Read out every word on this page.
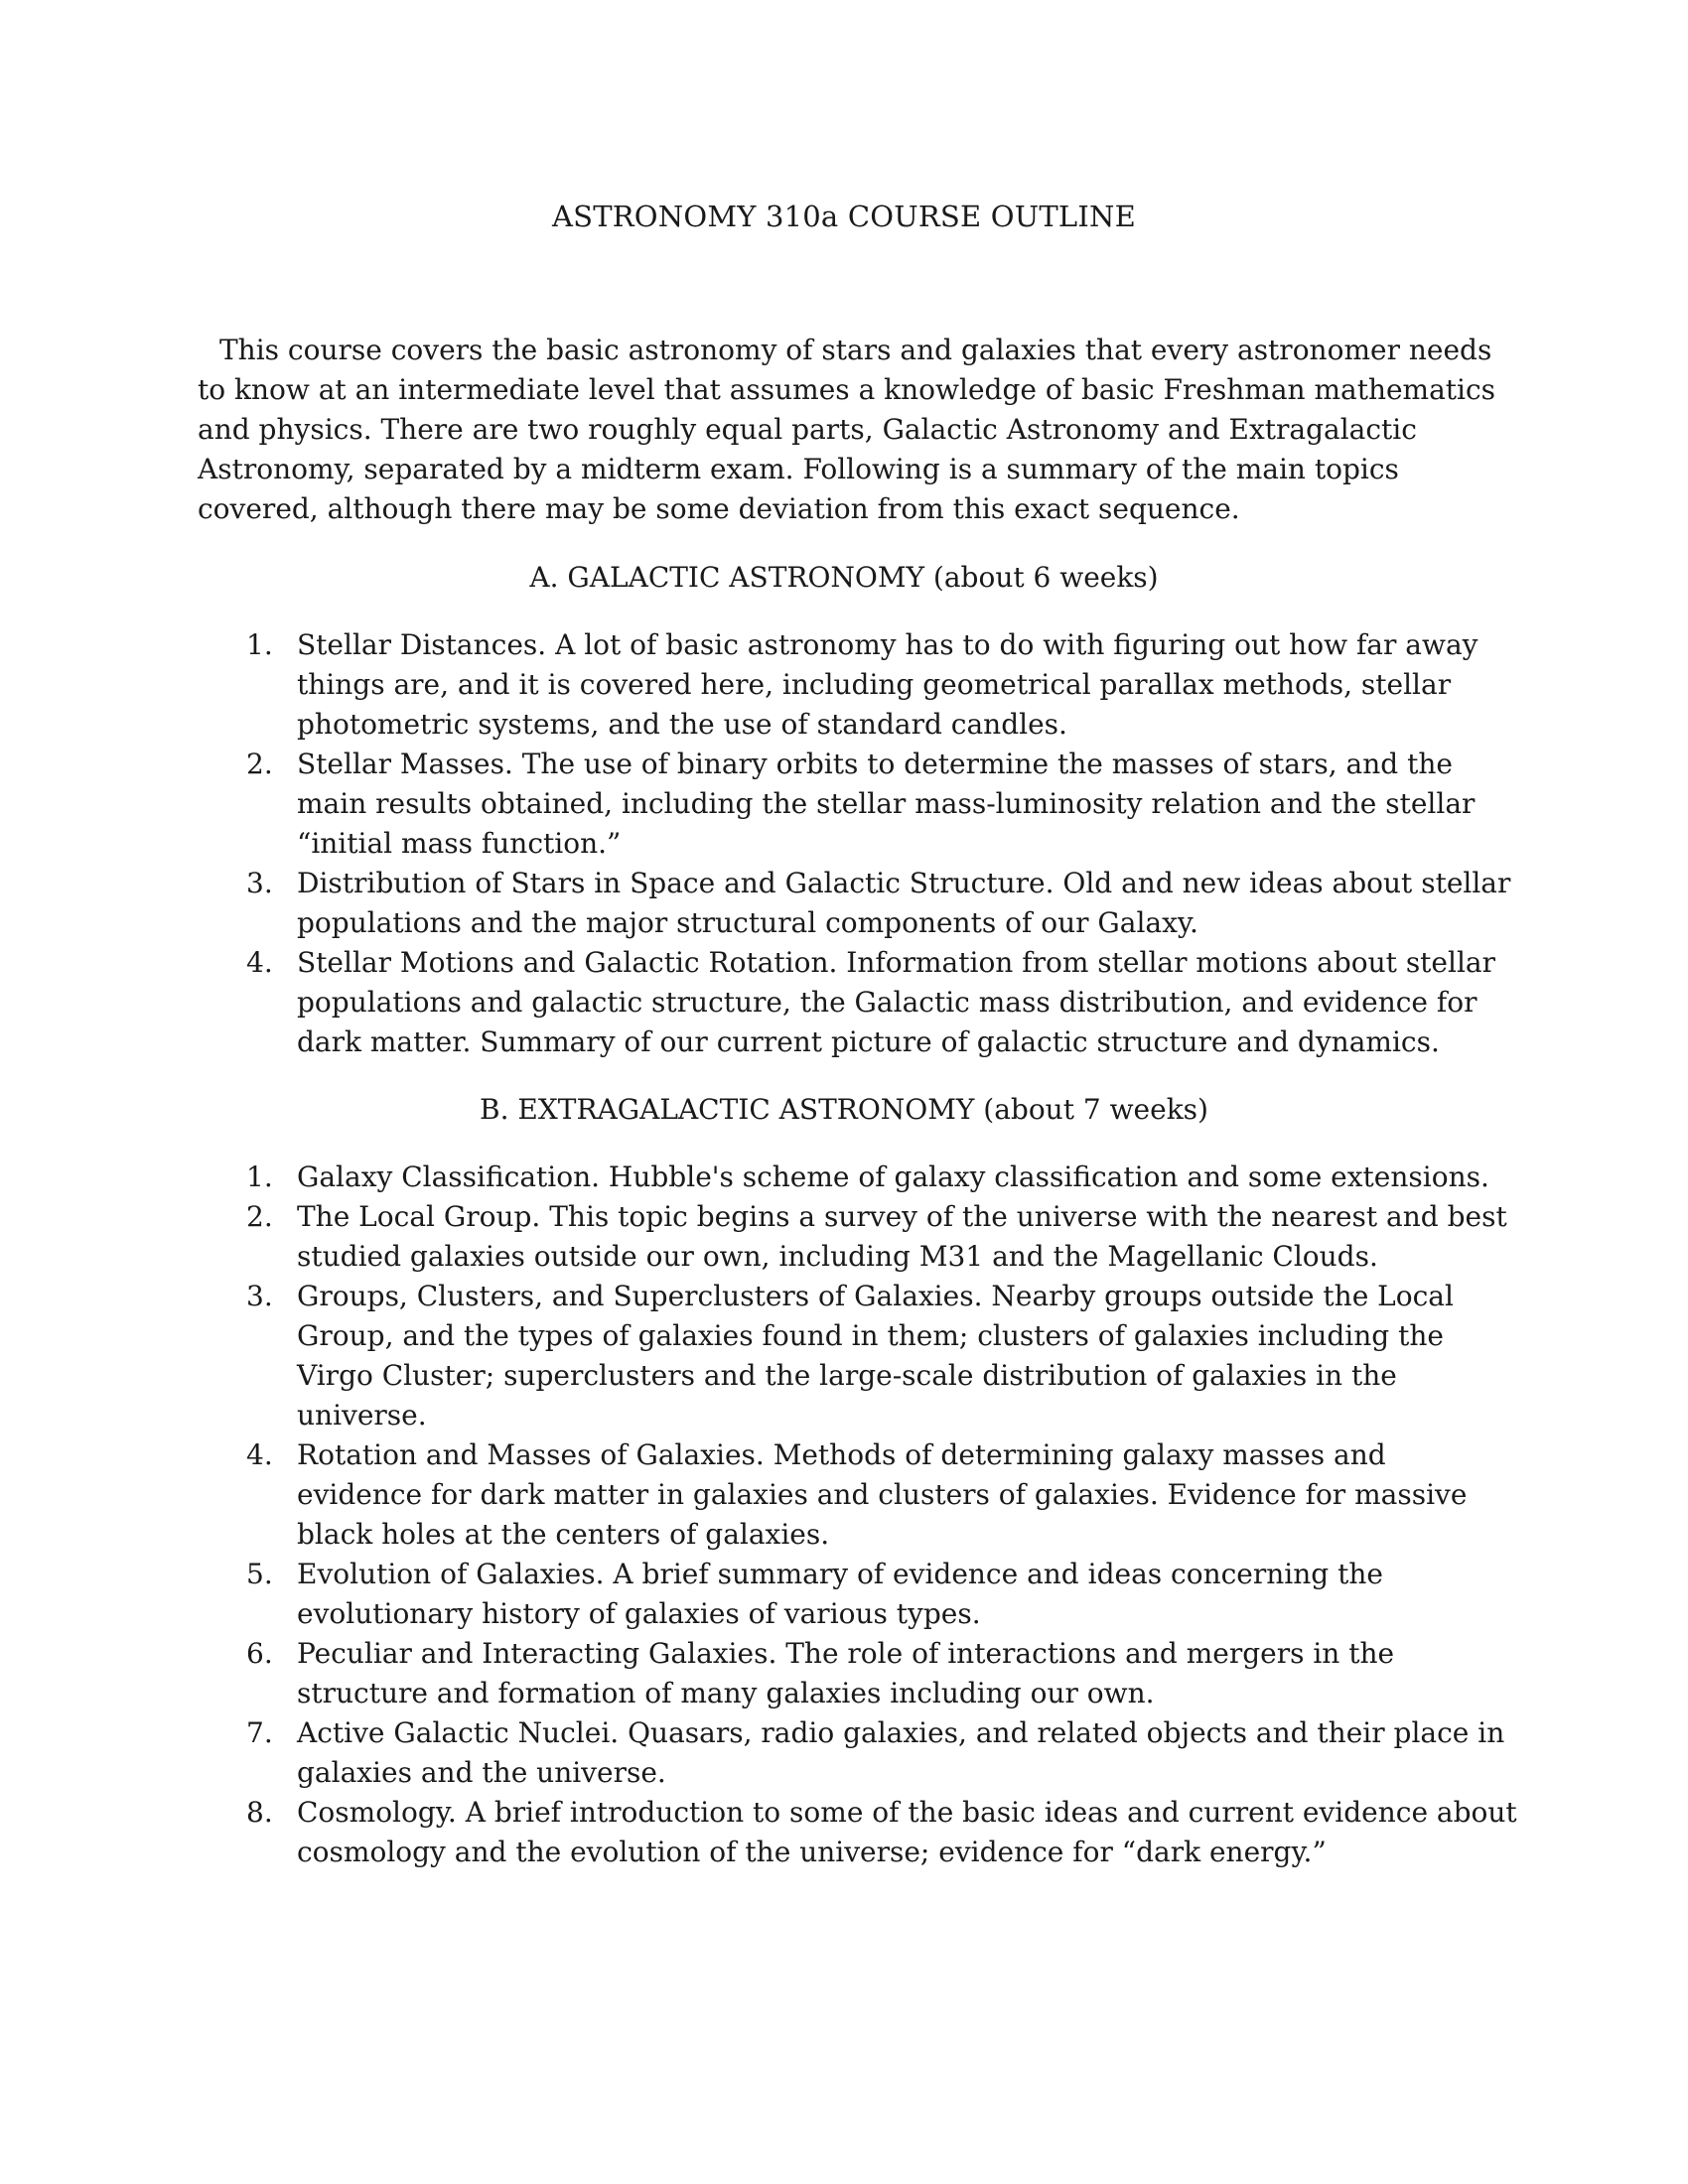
ASTRONOMY 310a COURSE OUTLINE

This course covers the basic astronomy of stars and galaxies that every astronomer needs to know at an intermediate level that assumes a knowledge of basic Freshman mathematics and physics. There are two roughly equal parts, Galactic Astronomy and Extragalactic Astronomy, separated by a midterm exam. Following is a summary of the main topics covered, although there may be some deviation from this exact sequence.

A. GALACTIC ASTRONOMY (about 6 weeks)
1. Stellar Distances. A lot of basic astronomy has to do with figuring out how far away things are, and it is covered here, including geometrical parallax methods, stellar photometric systems, and the use of standard candles.
2. Stellar Masses. The use of binary orbits to determine the masses of stars, and the main results obtained, including the stellar mass-luminosity relation and the stellar “initial mass function.”
3. Distribution of Stars in Space and Galactic Structure. Old and new ideas about stellar populations and the major structural components of our Galaxy.
4. Stellar Motions and Galactic Rotation. Information from stellar motions about stellar populations and galactic structure, the Galactic mass distribution, and evidence for dark matter. Summary of our current picture of galactic structure and dynamics.
B. EXTRAGALACTIC ASTRONOMY (about 7 weeks)
1. Galaxy Classification. Hubble's scheme of galaxy classification and some extensions.
2. The Local Group. This topic begins a survey of the universe with the nearest and best studied galaxies outside our own, including M31 and the Magellanic Clouds.
3. Groups, Clusters, and Superclusters of Galaxies. Nearby groups outside the Local Group, and the types of galaxies found in them; clusters of galaxies including the Virgo Cluster; superclusters and the large-scale distribution of galaxies in the universe.
4. Rotation and Masses of Galaxies. Methods of determining galaxy masses and evidence for dark matter in galaxies and clusters of galaxies. Evidence for massive black holes at the centers of galaxies.
5. Evolution of Galaxies. A brief summary of evidence and ideas concerning the evolutionary history of galaxies of various types.
6. Peculiar and Interacting Galaxies. The role of interactions and mergers in the structure and formation of many galaxies including our own.
7. Active Galactic Nuclei. Quasars, radio galaxies, and related objects and their place in galaxies and the universe.
8. Cosmology. A brief introduction to some of the basic ideas and current evidence about cosmology and the evolution of the universe; evidence for “dark energy.”
